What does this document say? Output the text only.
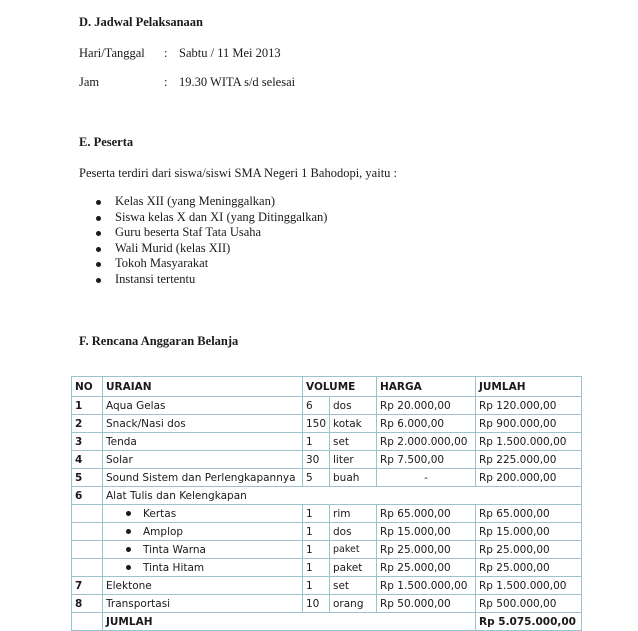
D. Jadwal Pelaksanaan
Hari/Tanggal : Sabtu / 11 Mei 2013
Jam	: 19.30 WITA s/d selesai
E. Peserta
Peserta terdiri dari siswa/siswi SMA Negeri 1 Bahodopi, yaitu :
Kelas XII (yang Meninggalkan)
Siswa kelas X dan XI (yang Ditinggalkan)
Guru beserta Staf Tata Usaha
Wali Murid (kelas XII)
Tokoh Masyarakat
Instansi tertentu
F. Rencana Anggaran Belanja
NO	URAIAN	VOLUME		HARGA	JUMLAH
1	Aqua Gelas	6	dos	Rp 20.000,00	Rp 120.000,00
2	Snack/Nasi dos	150	kotak	Rp 6.000,00	Rp 900.000,00
3	Tenda	1	set	Rp 2.000.000,00	Rp 1.500.000,00
4	Solar	30	liter	Rp 7.500,00	Rp 225.000,00
5	Sound Sistem dan Perlengkapannya	5	buah	-	Rp 200.000,00
6	Alat Tulis dan Kelengkapan				
	Kertas	1	rim	Rp 65.000,00	Rp 65.000,00
	Amplop	1	dos	Rp 15.000,00	Rp 15.000,00
	Tinta Warna	1	paket	Rp 25.000,00	Rp 25.000,00
	Tinta Hitam	1	paket	Rp 25.000,00	Rp 25.000,00
7	Elektone	1	set	Rp 1.500.000,00	Rp 1.500.000,00
8	Transportasi	10	orang	Rp 50.000,00	Rp 500.000,00
	JUMLAH				Rp 5.075.000,00
